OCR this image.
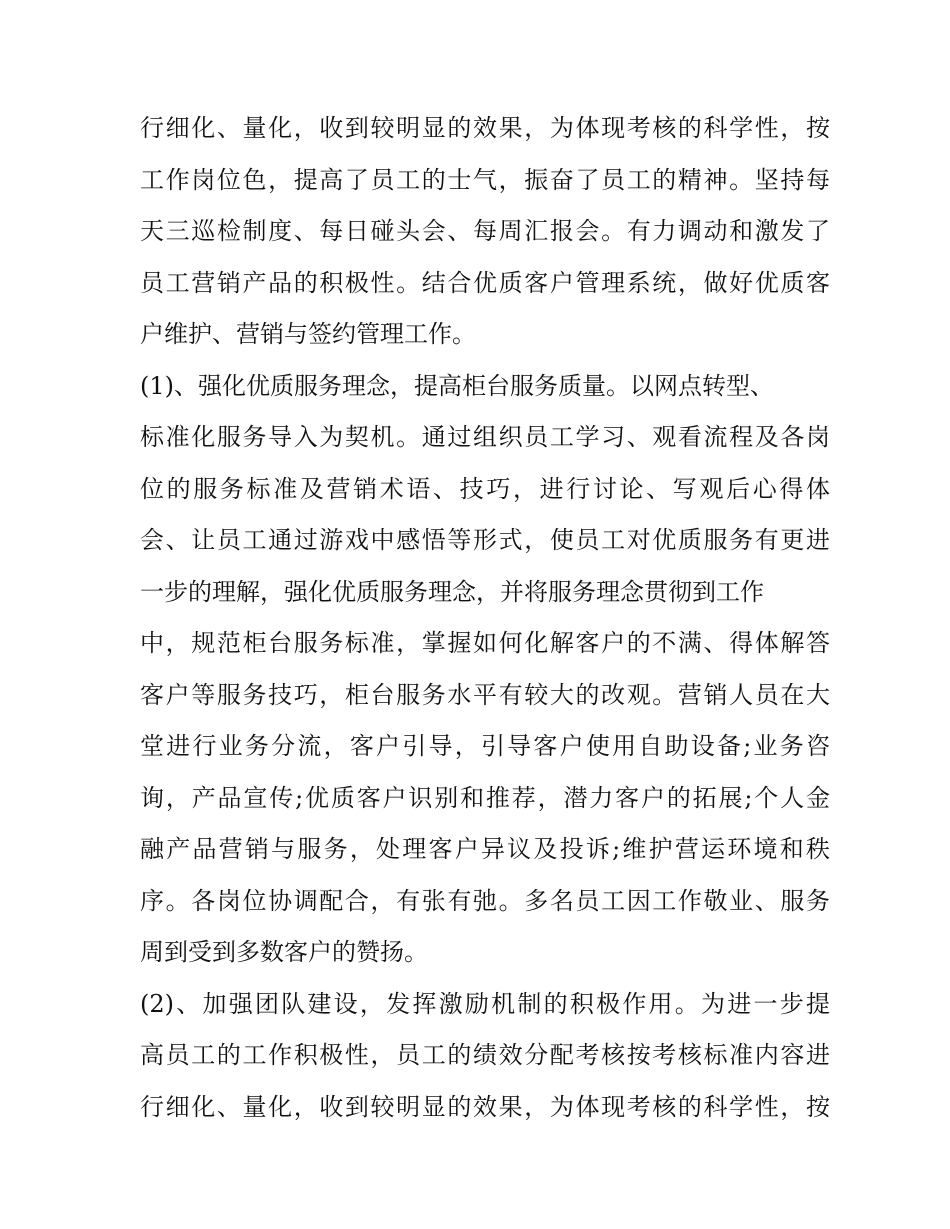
行细化、量化，收到较明显的效果，为体现考核的科学性，按
工作岗位色，提高了员工的士气，振奋了员工的精神。坚持每
天三巡检制度、每日碰头会、每周汇报会。有力调动和激发了
员工营销产品的积极性。结合优质客户管理系统，做好优质客
户维护、营销与签约管理工作。
(1)、强化优质服务理念，提高柜台服务质量。以网点转型、
标准化服务导入为契机。通过组织员工学习、观看流程及各岗
位的服务标准及营销术语、技巧，进行讨论、写观后心得体
会、让员工通过游戏中感悟等形式，使员工对优质服务有更进
一步的理解，强化优质服务理念，并将服务理念贯彻到工作
中，规范柜台服务标准，掌握如何化解客户的不满、得体解答
客户等服务技巧，柜台服务水平有较大的改观。营销人员在大
堂进行业务分流，客户引导，引导客户使用自助设备;业务咨
询，产品宣传;优质客户识别和推荐，潜力客户的拓展;个人金
融产品营销与服务，处理客户异议及投诉;维护营运环境和秩
序。各岗位协调配合，有张有弛。多名员工因工作敬业、服务
周到受到多数客户的赞扬。
(2)、加强团队建设，发挥激励机制的积极作用。为进一步提
高员工的工作积极性，员工的绩效分配考核按考核标准内容进
行细化、量化，收到较明显的效果，为体现考核的科学性，按
